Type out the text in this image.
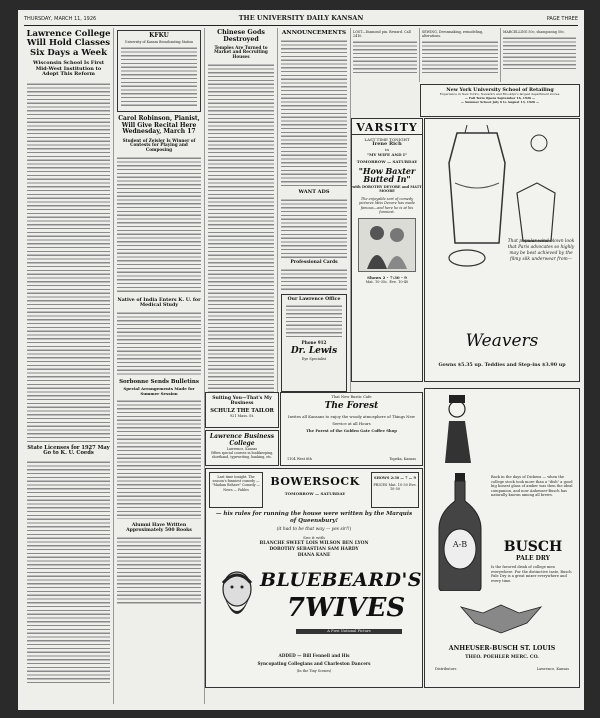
THURSDAY, MARCH 11, 1926	THE UNIVERSITY DAILY KANSAN	PAGE THREE
Lawrence College Will Hold Classes Six Days a Week
Wisconsin School Is First Mid-West Institution to Adopt This Reform
State Licenses for 1927 May Go to K. U. Coeds
KFKU
University of Kansas Broadcasting Station
Carol Robinson, Pianist, Will Give Recital Here Wednesday, March 17
Student of Zeisler Is Winner of Contests for Playing and Composing
Native of India Enters K. U. for Medical Study
Sorbonne Sends Bulletins
Special Arrangements Made for Summer Session
Alumni Have Written Approximately 500 Books
Chinese Gods Destroyed
Temples Are Turned to Market and Recruiting Houses
ANNOUNCEMENTS
WANT ADS
Professional Cards
Our Lawrence Office
Phone 912
Dr. Lewis
Eye Specialist
LOST—Diamond pin. Reward. Call 2410.
SEWING, Dressmaking, remodeling, alterations.
MARCELLING 50c, shampooing 50c.
New York University School of Retailing
Experience in New York's, Newark's and Brooklyn's largest department stores.
— Fall Term Opens September 16, 1926 —
— Summer School July 6 to August 13, 1926 —
VARSITY
LAST TIME TONIGHT
Irene Rich
in
"MY WIFE AND I"
TOMORROW — SATURDAY
"How Baxter Butted In"
with DOROTHY DEVORE and MATT MOORE
The enjoyable sort of comedy pictures Miss Devore has made famous—and here he is at his funniest.
Shows 2 - 7:30 - 9
Mat. 10-35c. Eve. 10-40
That popular wind blown look that Paris advocates so highly may be best achieved by the filmy silk underwear from—
Weavers
Gowns $5.35 up. Teddies and Step-ins $3.90 up
Suiting You—That's My Business
SCHULZ THE TAILOR
921 Mass. St.
Lawrence Business College
Lawrence, Kansas
Offers special courses in bookkeeping, shorthand, typewriting, banking, etc.
That New Rustic Cafe
The Forest
Invites all Kansans to enjoy the woody atmosphere of Things New
Service at all Hours
The Forest of the Golden Gate Coffee Shop
1104 West 6th	Topeka, Kansas
Last time tonight. The season's funniest comedy — "Madam Behave" Comedy — News — Fables
BOWERSOCK
TOMORROW — SATURDAY
SHOWS 2:30 — 7 — 9
PRICES Mat. 10-30 Eve. 10-50
— his rules for running the house were written by the Marquis of Queensbury!
(it had to be that way — yes sir!!)
See it with
BLANCHE SWEET LOIS WILSON BEN LYON
DOROTHY SEBASTIAN SAM HARDY
DIANA KANE
BLUEBEARD'S
7WIVES
A First National Picture
ADDED — Bill Fennell and His
Syncopating Collegians and Charleston Dancers
(In the Tiny Scenes)
Back in the days of Dickens — when the college stock took more than a "dish" a good big honest glass of amber was then the ideal companion, and now Anheuser-Busch has naturally known among all brews.
A-B	BUSCH
PALE DRY
Is the favored drink of college men everywhere. For the distinctive taste, Busch Pale Dry is a great mixer everywhere and every time.
ANHEUSER-BUSCH ST. LOUIS
THEO. POEHLER MERC. CO.
Distributors	Lawrence, Kansas
